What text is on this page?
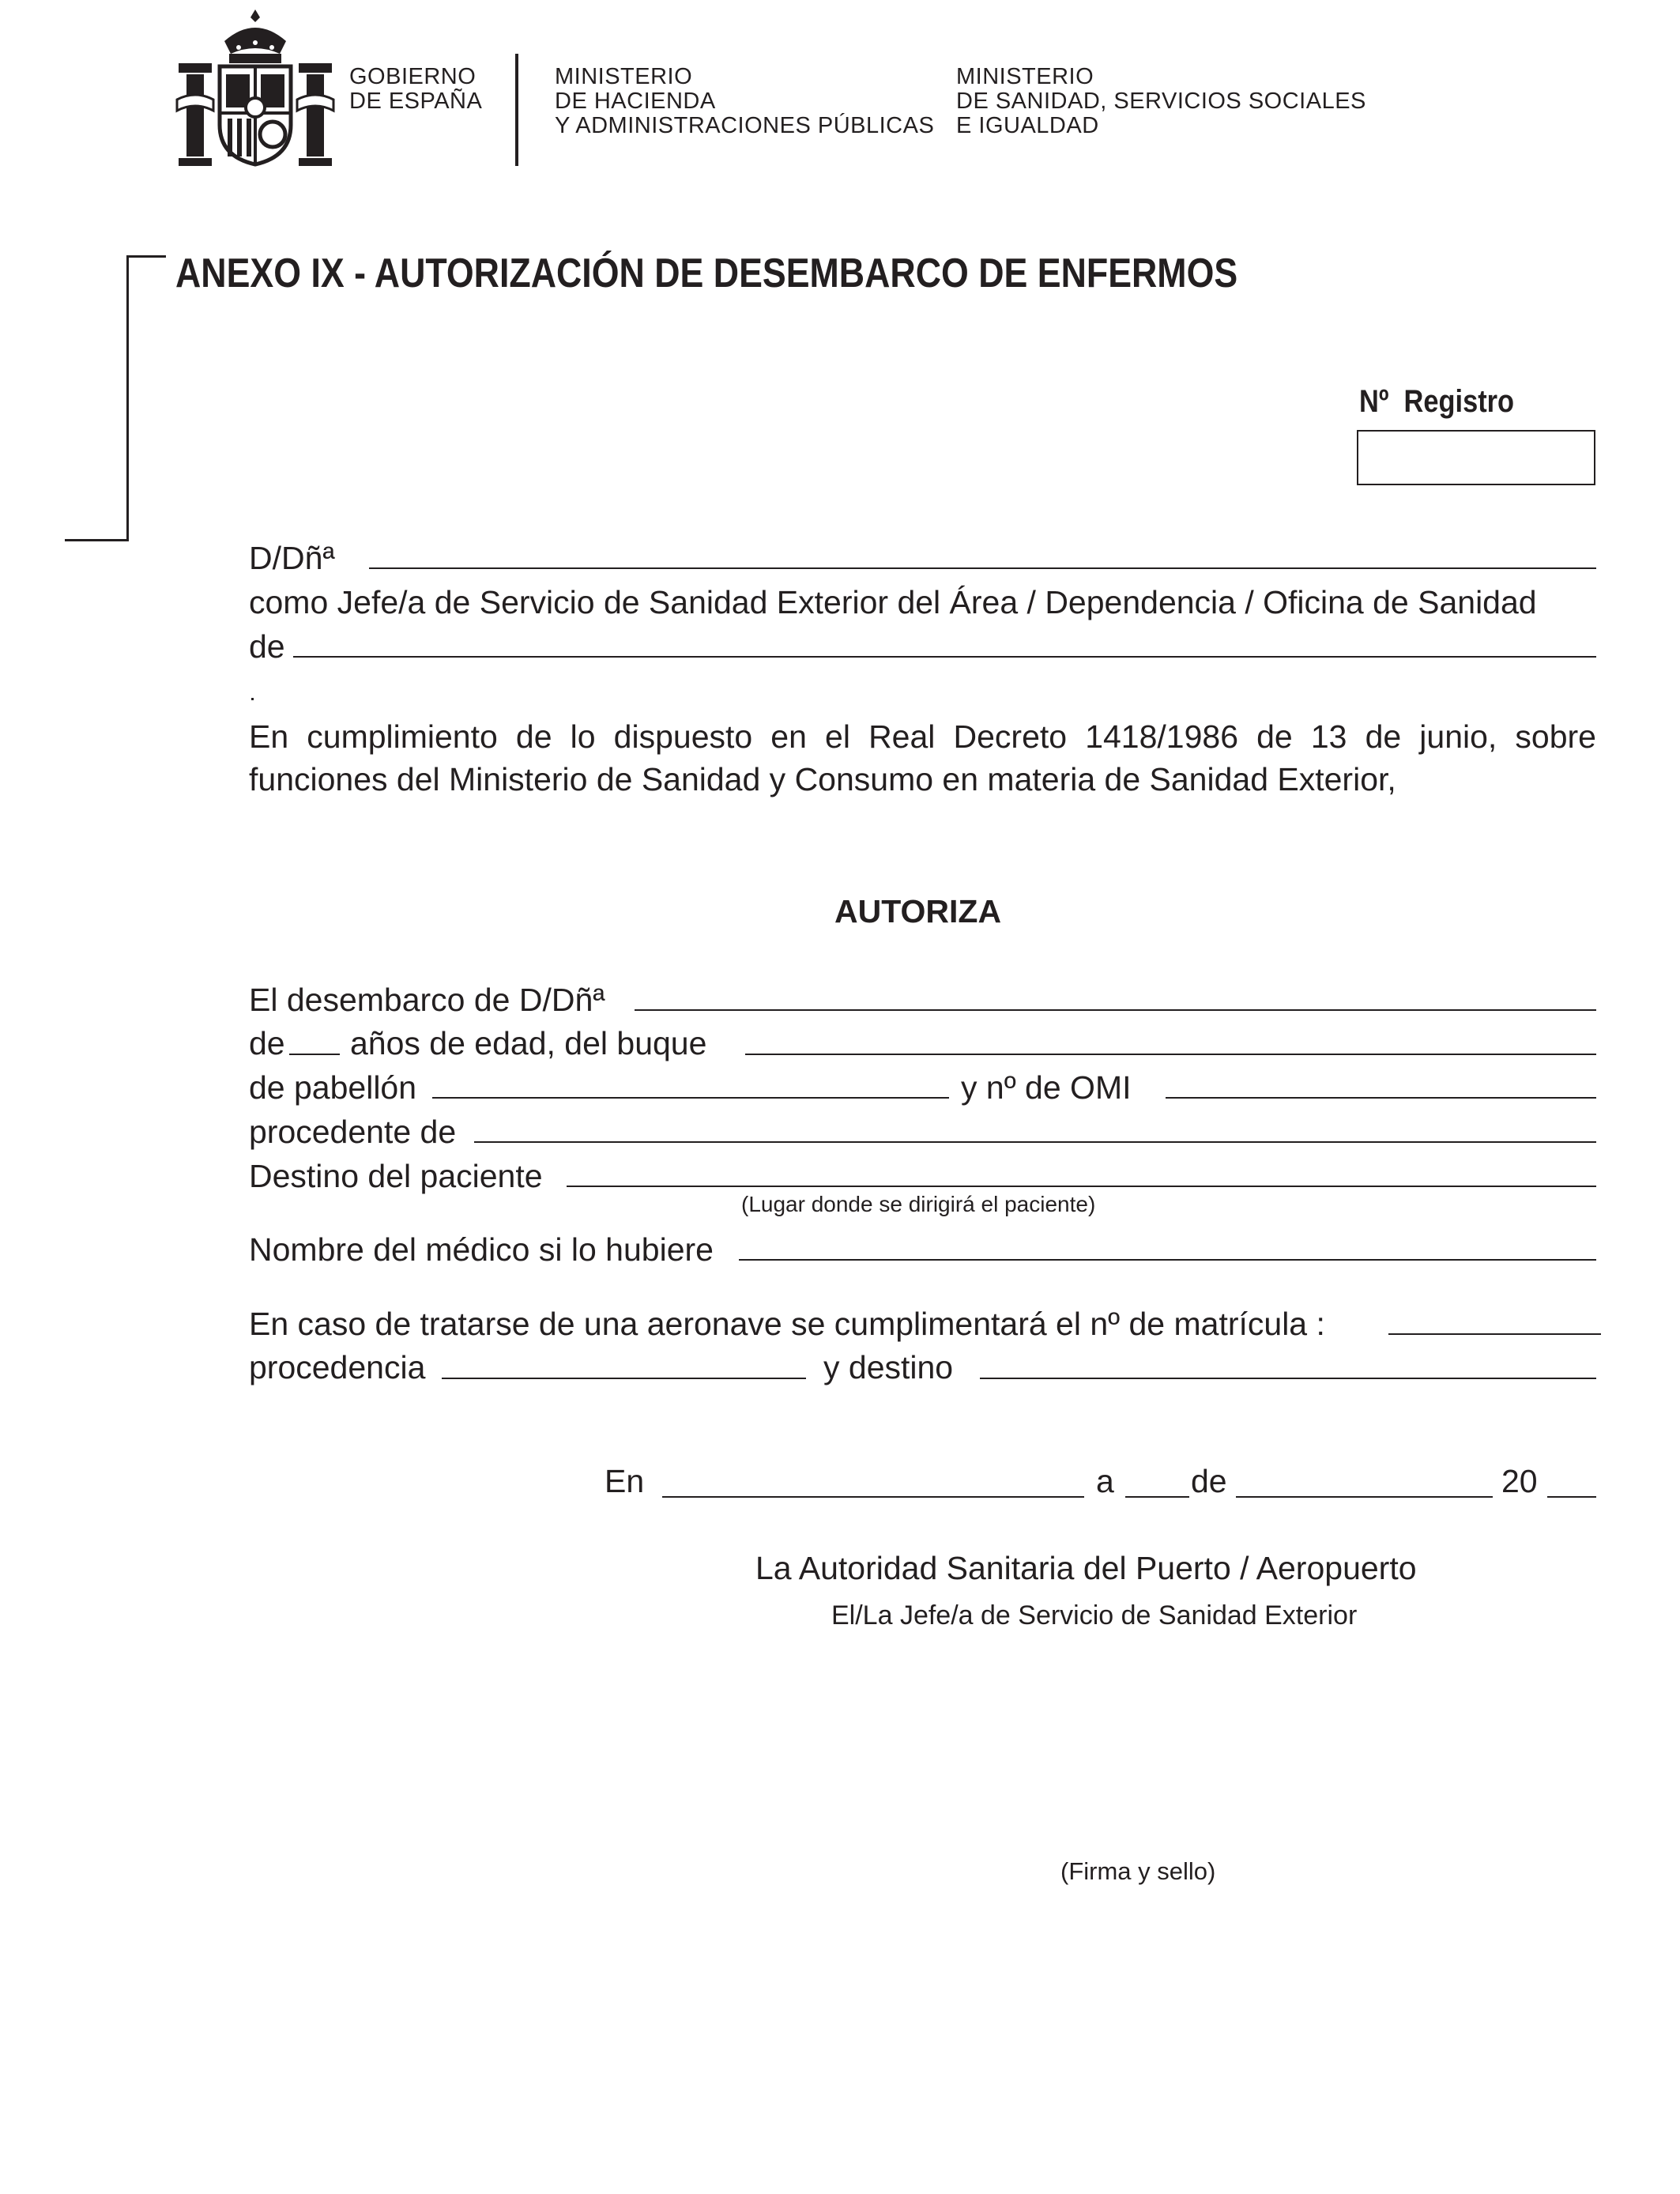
GOBIERNO
DE ESPAÑA
MINISTERIO
DE HACIENDA
Y ADMINISTRACIONES PÚBLICAS
MINISTERIO
DE SANIDAD, SERVICIOS SOCIALES
E IGUALDAD
ANEXO IX - AUTORIZACIÓN DE DESEMBARCO DE ENFERMOS
Nº  Registro
D/Dñª
como Jefe/a de Servicio de Sanidad Exterior del Área / Dependencia / Oficina de Sanidad
de
En cumplimiento de lo dispuesto en el Real Decreto 1418/1986 de 13 de junio, sobre
funciones del Ministerio de Sanidad y Consumo en materia de Sanidad Exterior,
AUTORIZA
El desembarco de D/Dñª
de años de edad, del buque
de pabellón	y nº de OMI
procedente de
Destino del paciente
(Lugar donde se dirigirá el paciente)
Nombre del médico si lo hubiere
En caso de tratarse de una aeronave se cumplimentará el nº de matrícula :
procedencia	y destino
En	a de	20
La Autoridad Sanitaria del Puerto / Aeropuerto
El/La Jefe/a de Servicio de Sanidad Exterior
(Firma y sello)
